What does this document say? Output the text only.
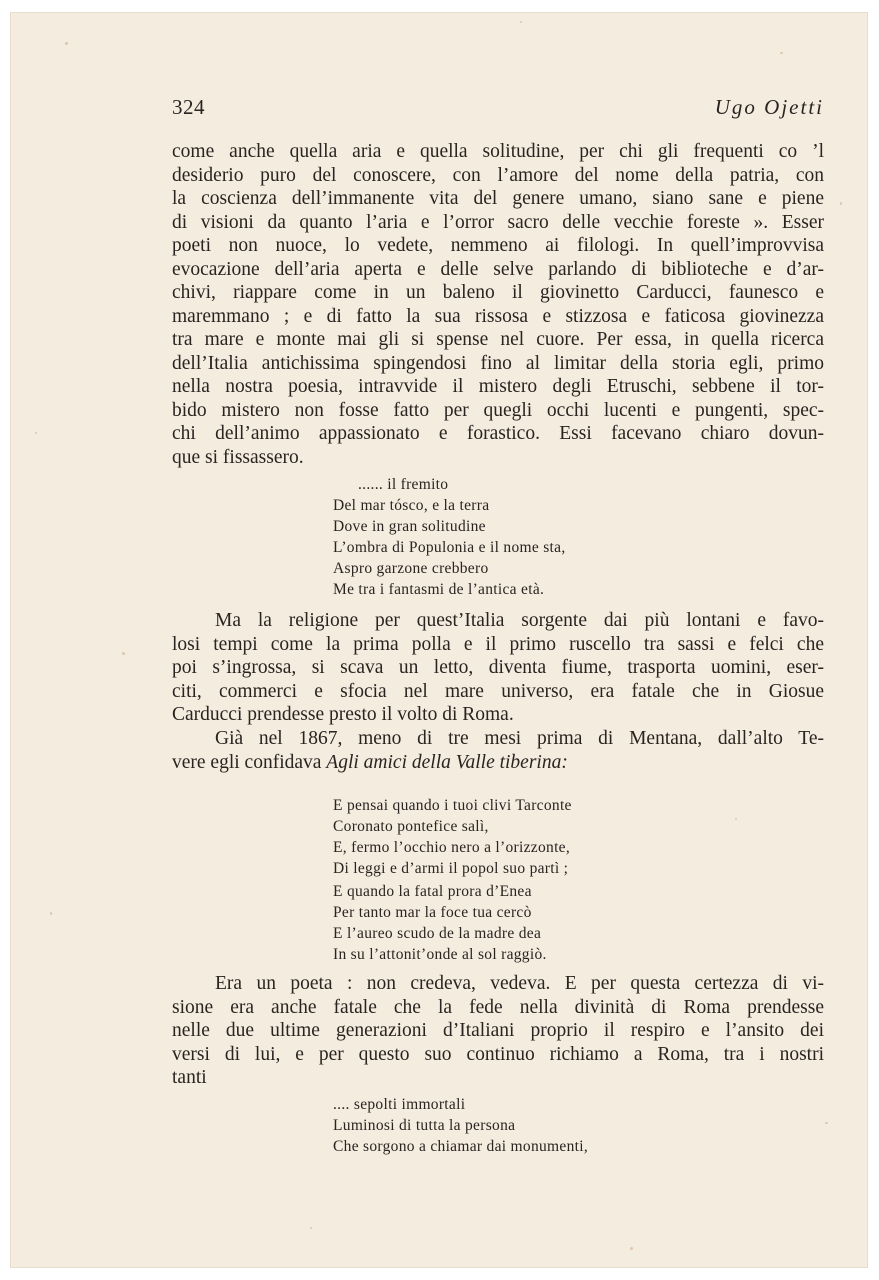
324	Ugo Ojetti

come anche quella aria e quella solitudine, per chi gli frequenti co ’l
desiderio puro del conoscere, con l’amore del nome della patria, con
la coscienza dell’immanente vita del genere umano, siano sane e piene
di visioni da quanto l’aria e l’orror sacro delle vecchie foreste ». Esser
poeti non nuoce, lo vedete, nemmeno ai filologi. In quell’improvvisa
evocazione dell’aria aperta e delle selve parlando di biblioteche e d’ar-
chivi, riappare come in un baleno il giovinetto Carducci, faunesco e
maremmano ; e di fatto la sua rissosa e stizzosa e faticosa giovinezza
tra mare e monte mai gli si spense nel cuore. Per essa, in quella ricerca
dell’Italia antichissima spingendosi fino al limitar della storia egli, primo
nella nostra poesia, intravvide il mistero degli Etruschi, sebbene il tor-
bido mistero non fosse fatto per quegli occhi lucenti e pungenti, spec-
chi dell’animo appassionato e forastico. Essi facevano chiaro dovun-
que si fissassero.

...... il fremito
Del mar tósco, e la terra
Dove in gran solitudine
L’ombra di Populonia e il nome sta,
Aspro garzone crebbero
Me tra i fantasmi de l’antica età.

Ma la religione per quest’Italia sorgente dai più lontani e favo-
losi tempi come la prima polla e il primo ruscello tra sassi e felci che
poi s’ingrossa, si scava un letto, diventa fiume, trasporta uomini, eser-
citi, commerci e sfocia nel mare universo, era fatale che in Giosue
Carducci prendesse presto il volto di Roma.

Già nel 1867, meno di tre mesi prima di Mentana, dall’alto Te-
vere egli confidava Agli amici della Valle tiberina:

E pensai quando i tuoi clivi Tarconte
Coronato pontefice salì,
E, fermo l’occhio nero a l’orizzonte,
Di leggi e d’armi il popol suo partì ;
E quando la fatal prora d’Enea
Per tanto mar la foce tua cercò
E l’aureo scudo de la madre dea
In su l’attonit’onde al sol raggiò.

Era un poeta : non credeva, vedeva. E per questa certezza di vi-
sione era anche fatale che la fede nella divinità di Roma prendesse
nelle due ultime generazioni d’Italiani proprio il respiro e l’ansito dei
versi di lui, e per questo suo continuo richiamo a Roma, tra i nostri
tanti

.... sepolti immortali
Luminosi di tutta la persona
Che sorgono a chiamar dai monumenti,
